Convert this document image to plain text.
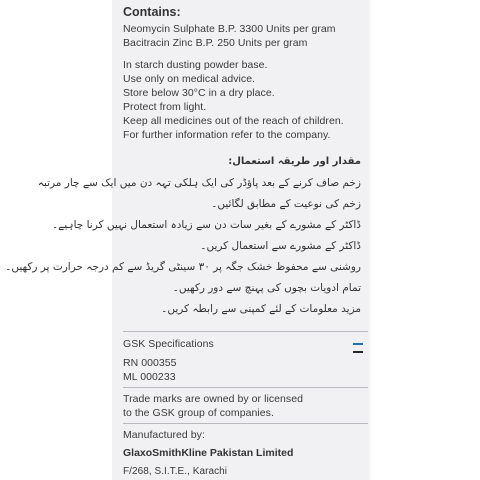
Contains:
Neomycin Sulphate B.P. 3300 Units per gram
Bacitracin Zinc B.P. 250 Units per gram
In starch dusting powder base.
Use only on medical advice.
Store below 30°C in a dry place.
Protect from light.
Keep all medicines out of the reach of children.
For further information refer to the company.
مقدار اور طریقہ استعمال:
زخم صاف کرنے کے بعد پاؤڈر کی ایک ہلکی تہہ دن میں ایک سے چار مرتبہ
زخم کی نوعیت کے مطابق لگائیں۔
ڈاکٹر کے مشورے کے بغیر سات دن سے زیادہ استعمال نہیں کرنا چاہیے۔
ڈاکٹر کے مشورے سے استعمال کریں۔
روشنی سے محفوظ خشک جگہ پر ۳۰ سینٹی گریڈ سے کم درجہ حرارت پر رکھیں۔
تمام ادویات بچوں کی پہنچ سے دور رکھیں۔
مزید معلومات کے لئے کمپنی سے رابطہ کریں۔
GSK Specifications
RN 000355
ML 000233
Trade marks are owned by or licensed
to the GSK group of companies.
Manufactured by:
GlaxoSmithKline Pakistan Limited
F/268, S.I.T.E., Karachi
